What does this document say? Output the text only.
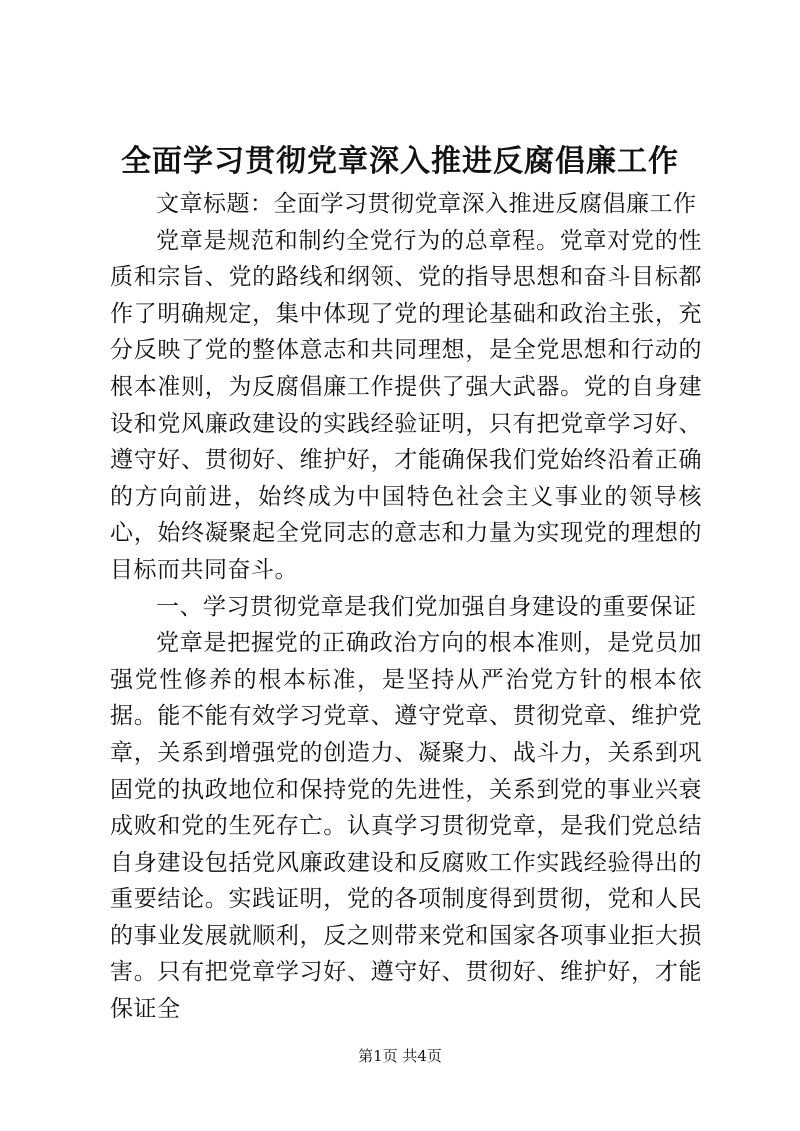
全面学习贯彻党章深入推进反腐倡廉工作

文章标题：全面学习贯彻党章深入推进反腐倡廉工作

党章是规范和制约全党行为的总章程。党章对党的性质和宗旨、党的路线和纲领、党的指导思想和奋斗目标都作了明确规定，集中体现了党的理论基础和政治主张，充分反映了党的整体意志和共同理想，是全党思想和行动的根本准则，为反腐倡廉工作提供了强大武器。党的自身建设和党风廉政建设的实践经验证明，只有把党章学习好、遵守好、贯彻好、维护好，才能确保我们党始终沿着正确的方向前进，始终成为中国特色社会主义事业的领导核心，始终凝聚起全党同志的意志和力量为实现党的理想的目标而共同奋斗。

一、学习贯彻党章是我们党加强自身建设的重要保证

党章是把握党的正确政治方向的根本准则，是党员加强党性修养的根本标准，是坚持从严治党方针的根本依据。能不能有效学习党章、遵守党章、贯彻党章、维护党章，关系到增强党的创造力、凝聚力、战斗力，关系到巩固党的执政地位和保持党的先进性，关系到党的事业兴衰成败和党的生死存亡。认真学习贯彻党章，是我们党总结自身建设包括党风廉政建设和反腐败工作实践经验得出的重要结论。实践证明，党的各项制度得到贯彻，党和人民的事业发展就顺利，反之则带来党和国家各项事业拒大损害。只有把党章学习好、遵守好、贯彻好、维护好，才能保证全

第1页 共4页
